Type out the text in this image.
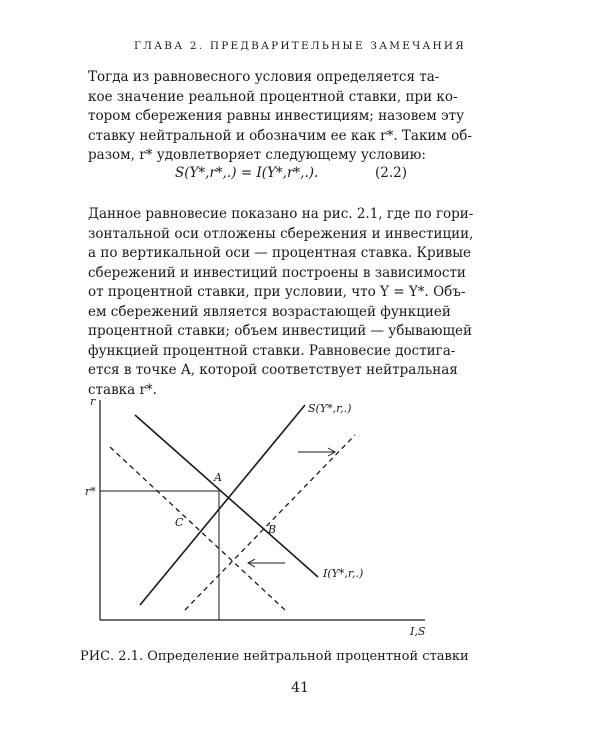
ГЛАВА 2. ПРЕДВАРИТЕЛЬНЫЕ ЗАМЕЧАНИЯ

Тогда из равновесного условия определяется та-
кое значение реальной процентной ставки, при ко-
тором сбережения равны инвестициям; назовем эту
ставку нейтральной и обозначим ее как r*. Таким об-
разом, r* удовлетворяет следующему условию:

S(Y*,r*,.) = I(Y*,r*,.).	(2.2)

Данное равновесие показано на рис. 2.1, где по гори-
зонтальной оси отложены сбережения и инвестиции,
а по вертикальной оси — процентная ставка. Кривые
сбережений и инвестиций построены в зависимости
от процентной ставки, при условии, что Y = Y*. Объ-
ем сбережений является возрастающей функцией
процентной ставки; объем инвестиций — убывающей
функцией процентной ставки. Равновесие достига-
ется в точке A, которой соответствует нейтральная
ставка r*.

r
I,S
r*
S(Y*,r,.)
I(Y*,r,.)
A
B
C
РИС. 2.1. Определение нейтральной процентной ставки
41
